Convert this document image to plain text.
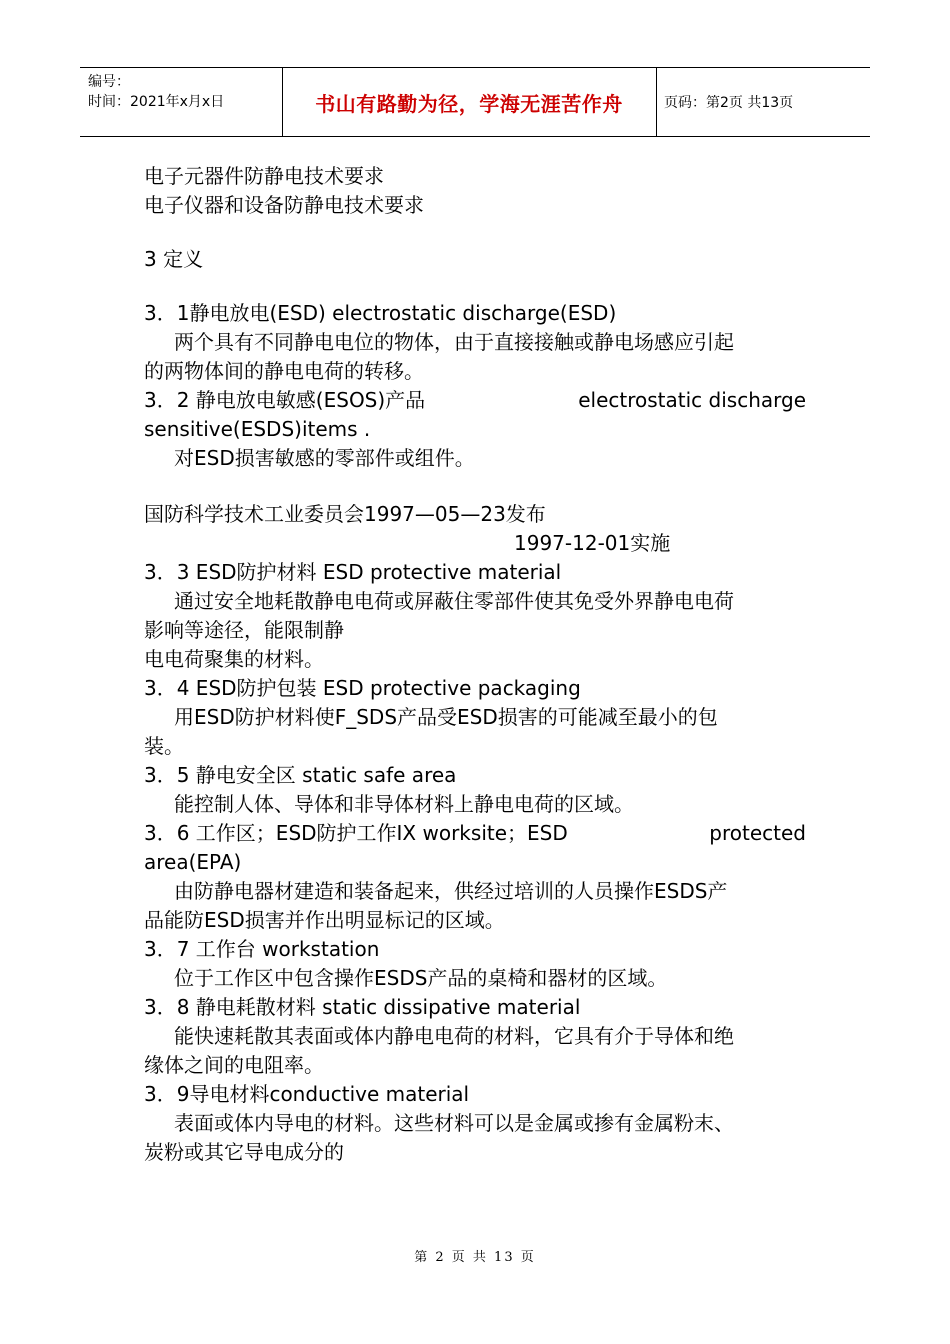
编号：
时间：2021年x月x日	书山有路勤为径，学海无涯苦作舟	页码：第2页 共13页
电子元器件防静电技术要求
电子仪器和设备防静电技术要求
3 定义
3．1静电放电(ESD) electrostatic discharge(ESD)
两个具有不同静电电位的物体，由于直接接触或静电场感应引起
的两物体间的静电电荷的转移。
3．2 静电放电敏感(ESOS)产品	electrostatic discharge
sensitive(ESDS)items .
对ESD损害敏感的零部件或组件。
国防科学技术工业委员会1997—05—23发布
1997-12-01实施
3．3 ESD防护材料 ESD protective material
通过安全地耗散静电电荷或屏蔽住零部件使其免受外界静电电荷
影响等途径，能限制静
电电荷聚集的材料。
3．4 ESD防护包装 ESD protective packaging
用ESD防护材料使F_SDS产品受ESD损害的可能减至最小的包
装。
3．5 静电安全区 static safe area
能控制人体、导体和非导体材料上静电电荷的区域。
3．6 工作区；ESD防护工作IX worksite；ESD	protected
area(EPA)
由防静电器材建造和装备起来，供经过培训的人员操作ESDS产
品能防ESD损害并作出明显标记的区域。
3．7 工作台 workstation
位于工作区中包含操作ESDS产品的桌椅和器材的区域。
3．8 静电耗散材料 static dissipative material
能快速耗散其表面或体内静电电荷的材料，它具有介于导体和绝
缘体之间的电阻率。
3．9导电材料conductive material
表面或体内导电的材料。这些材料可以是金属或掺有金属粉末、
炭粉或其它导电成分的
第 2 页 共 13 页
